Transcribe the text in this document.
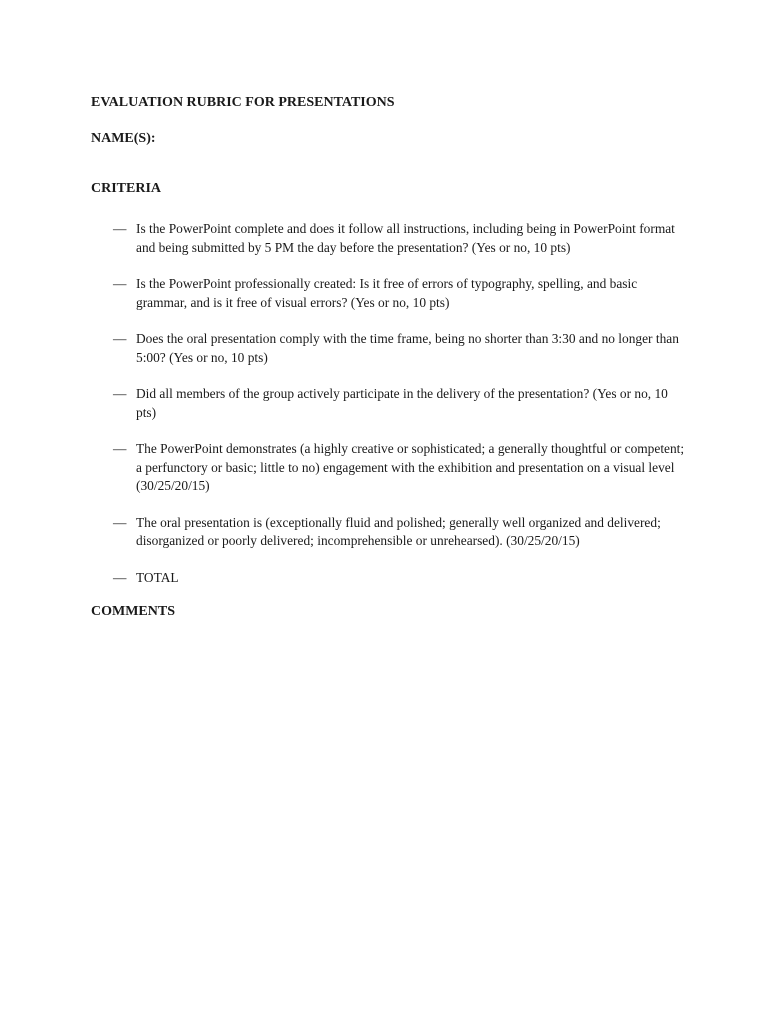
EVALUATION RUBRIC FOR PRESENTATIONS

NAME(S):

CRITERIA

— Is the PowerPoint complete and does it follow all instructions, including being in PowerPoint format and being submitted by 5 PM the day before the presentation? (Yes or no, 10 pts)
— Is the PowerPoint professionally created: Is it free of errors of typography, spelling, and basic grammar, and is it free of visual errors? (Yes or no, 10 pts)
— Does the oral presentation comply with the time frame, being no shorter than 3:30 and no longer than 5:00? (Yes or no, 10 pts)
— Did all members of the group actively participate in the delivery of the presentation? (Yes or no, 10 pts)
— The PowerPoint demonstrates (a highly creative or sophisticated; a generally thoughtful or competent; a perfunctory or basic; little to no) engagement with the exhibition and presentation on a visual level (30/25/20/15)
— The oral presentation is (exceptionally fluid and polished; generally well organized and delivered; disorganized or poorly delivered; incomprehensible or unrehearsed). (30/25/20/15)
— TOTAL

COMMENTS
